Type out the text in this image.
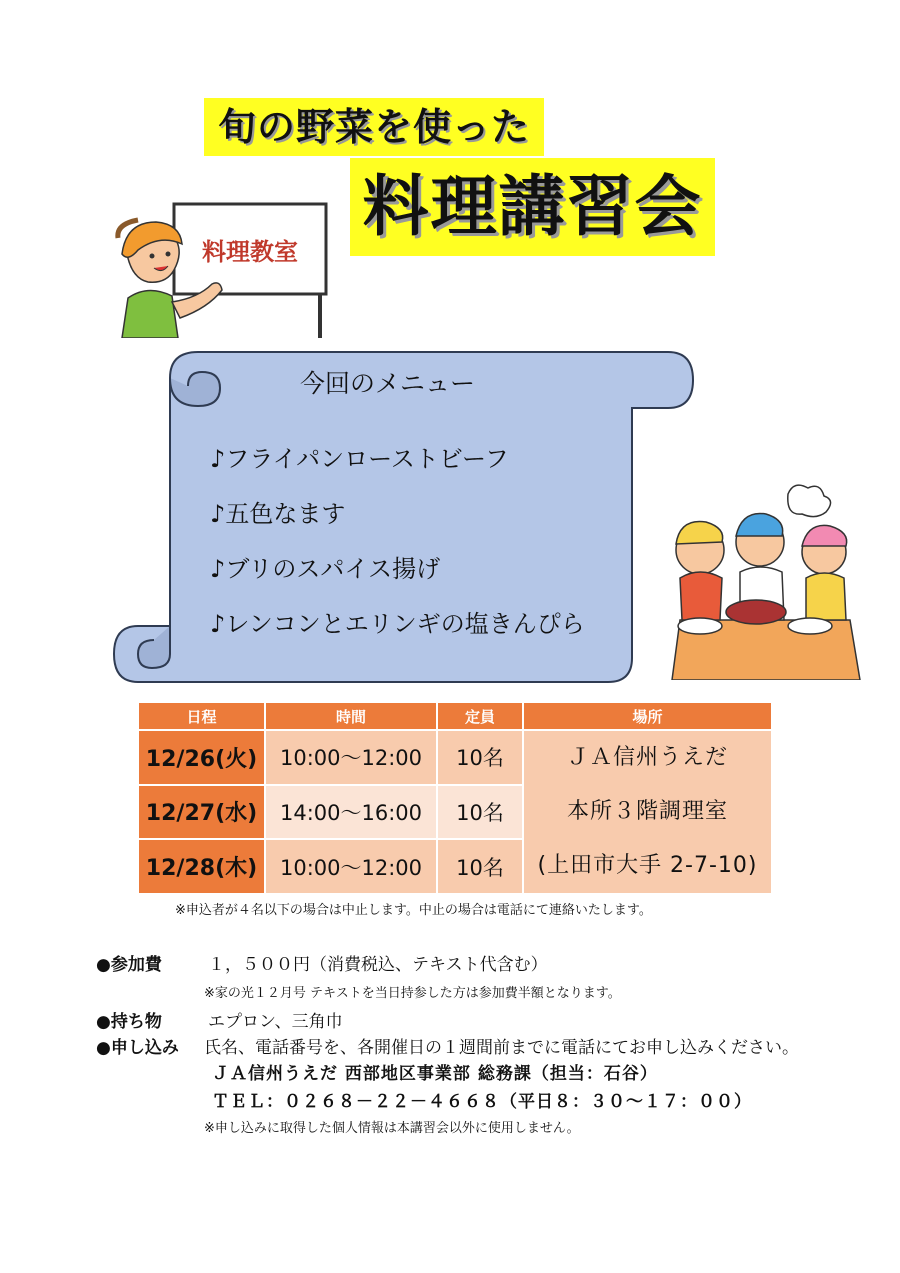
旬の野菜を使った
料理講習会
料理教室
今回のメニュー
♪フライパンローストビーフ
♪五色なます
♪ブリのスパイス揚げ
♪レンコンとエリンギの塩きんぴら
日程	時間	定員	場所
12/26(火)	10:00〜12:00	10名	ＪＡ信州うえだ
本所３階調理室
(上田市大手 2-7-10)

12/27(水)	14:00〜16:00	10名	
12/28(木)	10:00〜12:00	10名	
※申込者が４名以下の場合は中止します。中止の場合は電話にて連絡いたします。
●参加費	１，５００円（消費税込、テキスト代含む）
※家の光１２月号 テキストを当日持参した方は参加費半額となります。
●持ち物	エプロン、三角巾
●申し込み 氏名、電話番号を、各開催日の１週間前までに電話にてお申し込みください。
ＪＡ信州うえだ 西部地区事業部 総務課（担当：石谷）
ＴＥＬ：０２６８－２２－４６６８（平日８：３０〜１７：００）
※申し込みに取得した個人情報は本講習会以外に使用しません。
